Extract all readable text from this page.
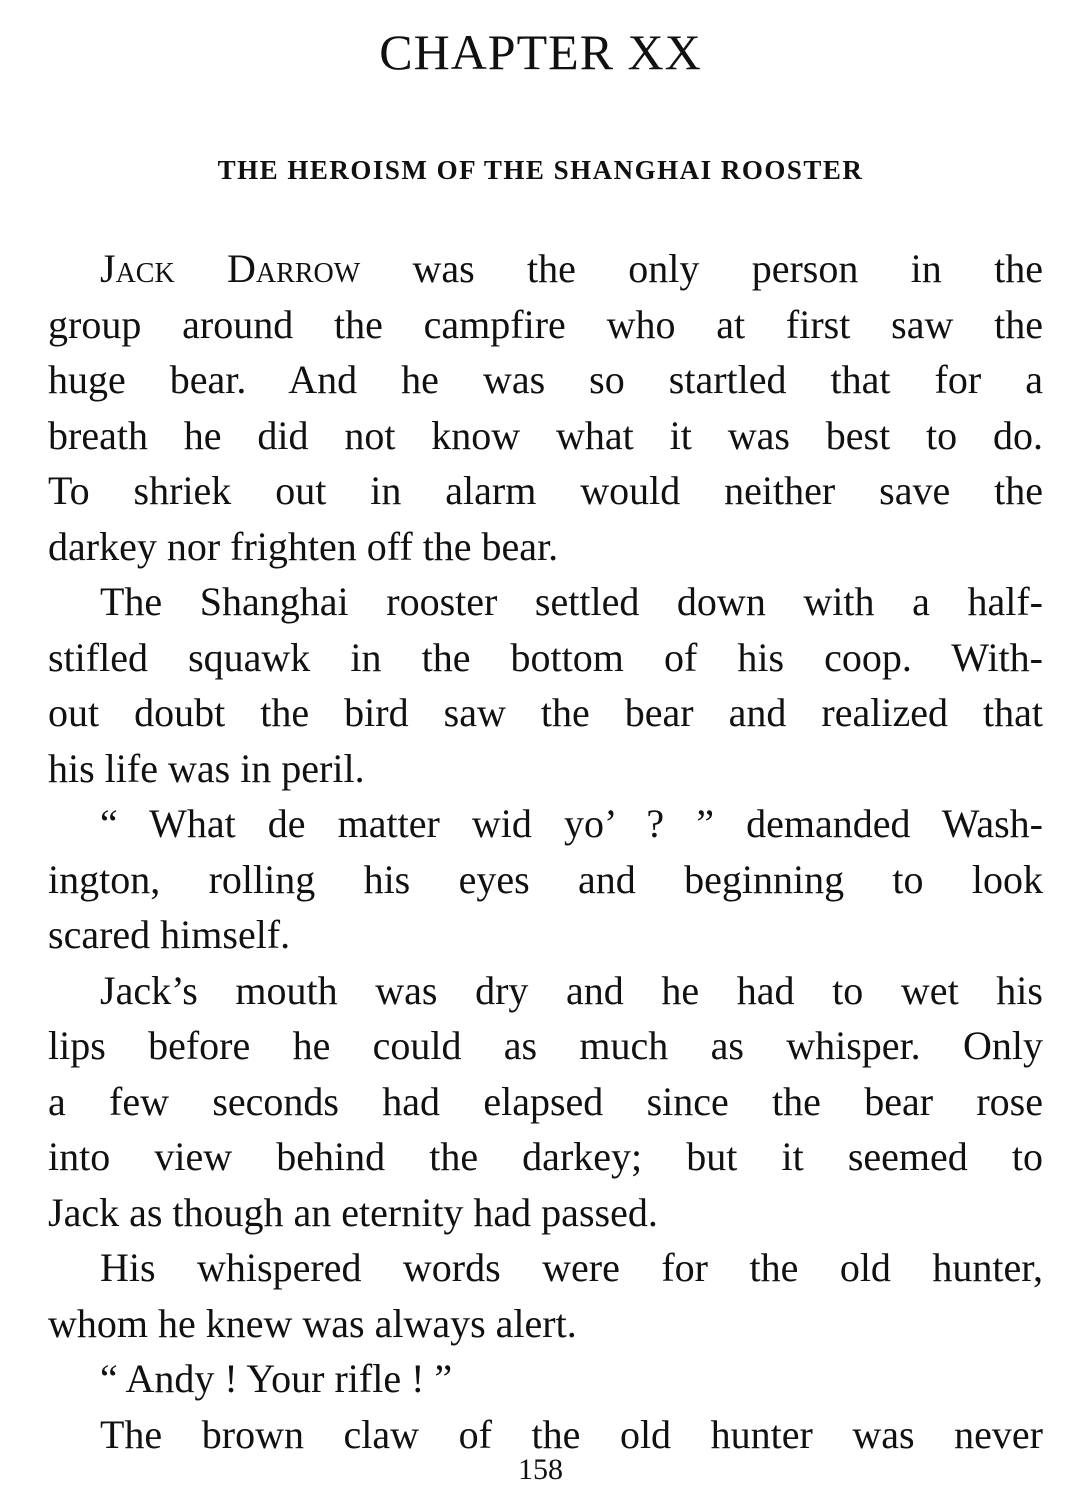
CHAPTER XX
THE HEROISM OF THE SHANGHAI ROOSTER
Jack Darrow was the only person in the
group around the campfire who at first saw the
huge bear. And he was so startled that for a
breath he did not know what it was best to do.
To shriek out in alarm would neither save the
darkey nor frighten off the bear.
The Shanghai rooster settled down with a half-
stifled squawk in the bottom of his coop. With-
out doubt the bird saw the bear and realized that
his life was in peril.
“ What de matter wid yo’ ? ” demanded Wash-
ington, rolling his eyes and beginning to look
scared himself.
Jack’s mouth was dry and he had to wet his
lips before he could as much as whisper. Only
a few seconds had elapsed since the bear rose
into view behind the darkey; but it seemed to
Jack as though an eternity had passed.
His whispered words were for the old hunter,
whom he knew was always alert.
“ Andy ! Your rifle ! ”
The brown claw of the old hunter was never
158
